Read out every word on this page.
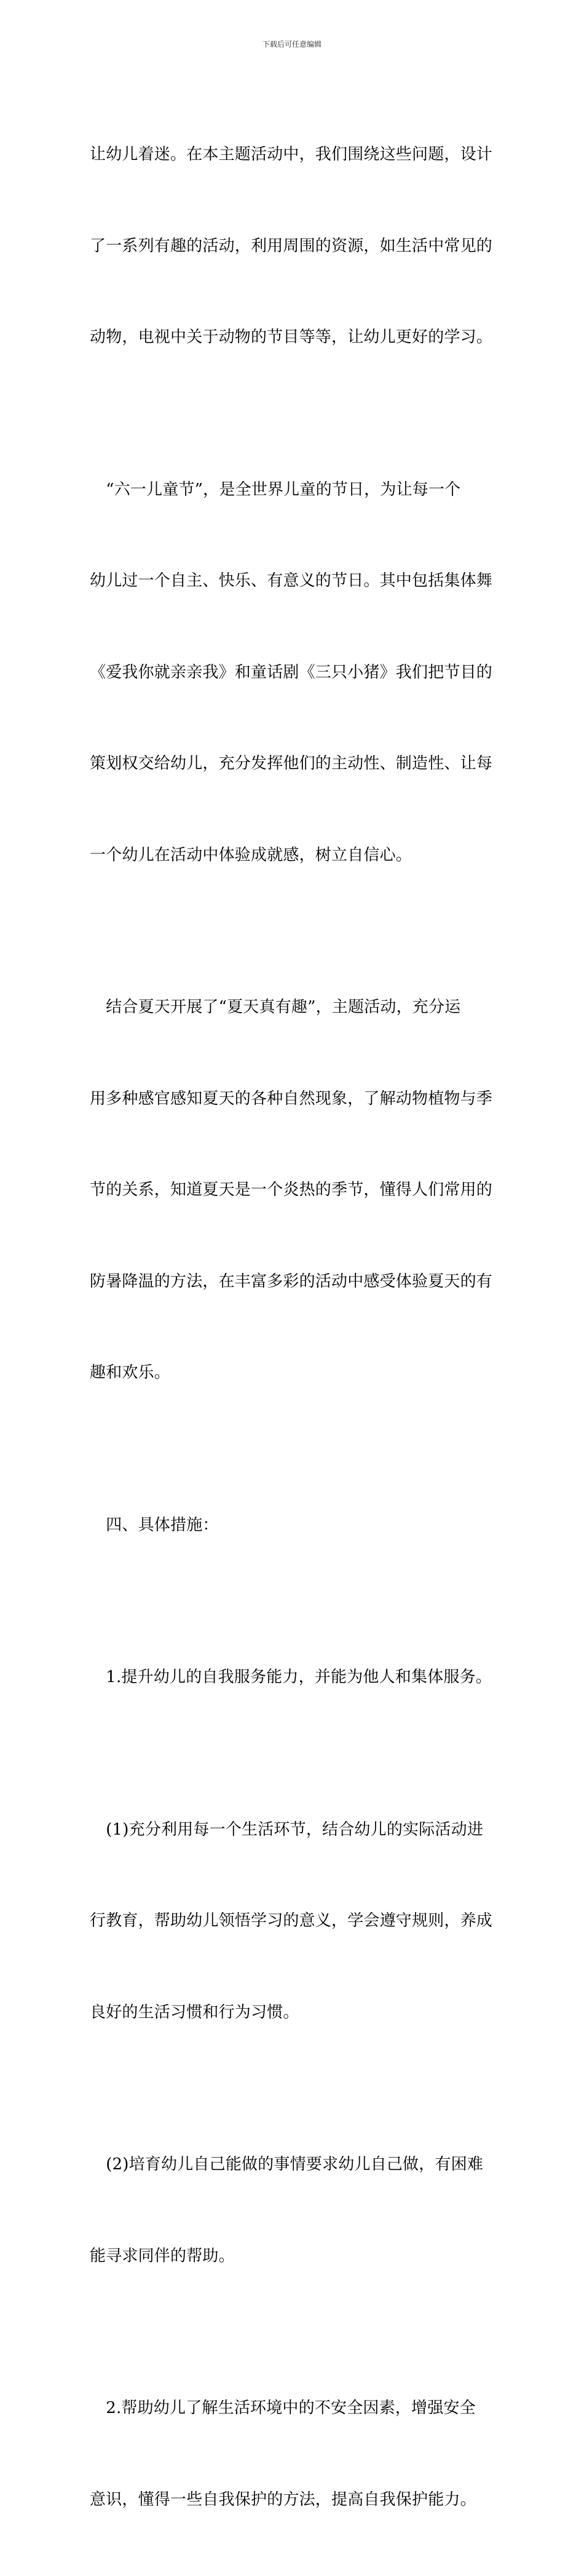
下载后可任意编辑

让幼儿着迷。在本主题活动中，我们围绕这些问题，设计

了一系列有趣的活动，利用周围的资源，如生活中常见的

动物，电视中关于动物的节目等等，让幼儿更好的学习。

　“六一儿童节”，是全世界儿童的节日，为让每一个

幼儿过一个自主、快乐、有意义的节日。其中包括集体舞

《爱我你就亲亲我》和童话剧《三只小猪》我们把节目的

策划权交给幼儿，充分发挥他们的主动性、制造性、让每

一个幼儿在活动中体验成就感，树立自信心。

　结合夏天开展了“夏天真有趣”，主题活动，充分运

用多种感官感知夏天的各种自然现象，了解动物植物与季

节的关系，知道夏天是一个炎热的季节，懂得人们常用的

防暑降温的方法，在丰富多彩的活动中感受体验夏天的有

趣和欢乐。

　四、具体措施：

　1.提升幼儿的自我服务能力，并能为他人和集体服务。

　(1)充分利用每一个生活环节，结合幼儿的实际活动进

行教育，帮助幼儿领悟学习的意义，学会遵守规则，养成

良好的生活习惯和行为习惯。

　(2)培育幼儿自己能做的事情要求幼儿自己做，有困难

能寻求同伴的帮助。

　2.帮助幼儿了解生活环境中的不安全因素，增强安全

意识，懂得一些自我保护的方法，提高自我保护能力。
